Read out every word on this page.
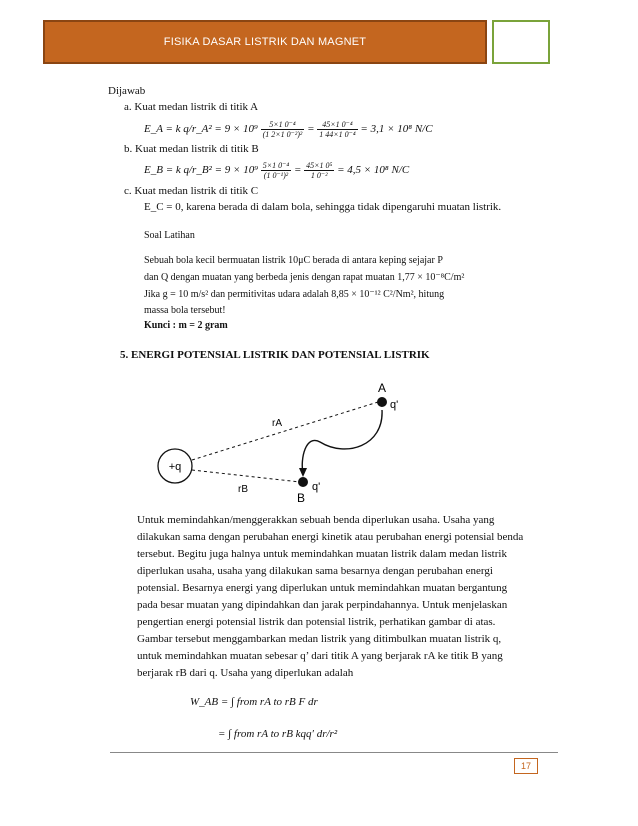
FISIKA DASAR LISTRIK DAN MAGNET
Dijawab
a. Kuat medan listrik di titik A
E_A = k q/r_A² = $9 \times 10^9 \frac{\text{5×1 0⁻⁴}}{\text{(1 2×1 0⁻²)²}} = \frac{\text{45×1 0⁻⁴}}{\text{1 44×1 0⁻⁴}} = 3,1 \times 10^8$ N/C
b. Kuat medan listrik di titik B
E_B = k q/r_B² = $9 \times 10^9 \frac{\text{5×1 0⁻⁴}}{\text{(1 0⁻¹)²}} = \frac{\text{45×1 0⁵}}{\text{1 0⁻²}} = 4,5 \times 10^8$ N/C
c. Kuat medan listrik di titik C
E_C = 0, karena berada di dalam bola, sehingga tidak dipengaruhi muatan listrik.
Soal Latihan
Sebuah bola kecil bermuatan listrik 10μC berada di antara keping sejajar P
dan Q dengan muatan yang berbeda jenis dengan rapat muatan 1,77 × 10⁻⁸C/m²
Jika g = 10 m/s² dan permitivitas udara adalah 8,85 × 10⁻¹² C²/Nm², hitung
massa bola tersebut!
Kunci : m = 2 gram
5. ENERGI POTENSIAL LISTRIK DAN POTENSIAL LISTRIK
+q
A
q'
B
q'
rA
rB
Untuk memindahkan/menggerakkan sebuah benda diperlukan usaha. Usaha yang
dilakukan sama dengan perubahan energi kinetik atau perubahan energi potensial benda
tersebut. Begitu juga halnya untuk memindahkan muatan listrik dalam medan listrik
diperlukan usaha, usaha yang dilakukan sama besarnya dengan perubahan energi
potensial. Besarnya energi yang diperlukan untuk memindahkan muatan bergantung
pada besar muatan yang dipindahkan dan jarak perpindahannya. Untuk menjelaskan
pengertian energi potensial listrik dan potensial listrik, perhatikan gambar di atas.
Gambar tersebut menggambarkan medan listrik yang ditimbulkan muatan listrik q,
untuk memindahkan muatan sebesar q’ dari titik A yang berjarak rA ke titik B yang
berjarak rB dari q. Usaha yang diperlukan adalah
W_AB = ∫ from rA to rB F dr
= ∫ from rA to rB kqq′ dr/r²
17
